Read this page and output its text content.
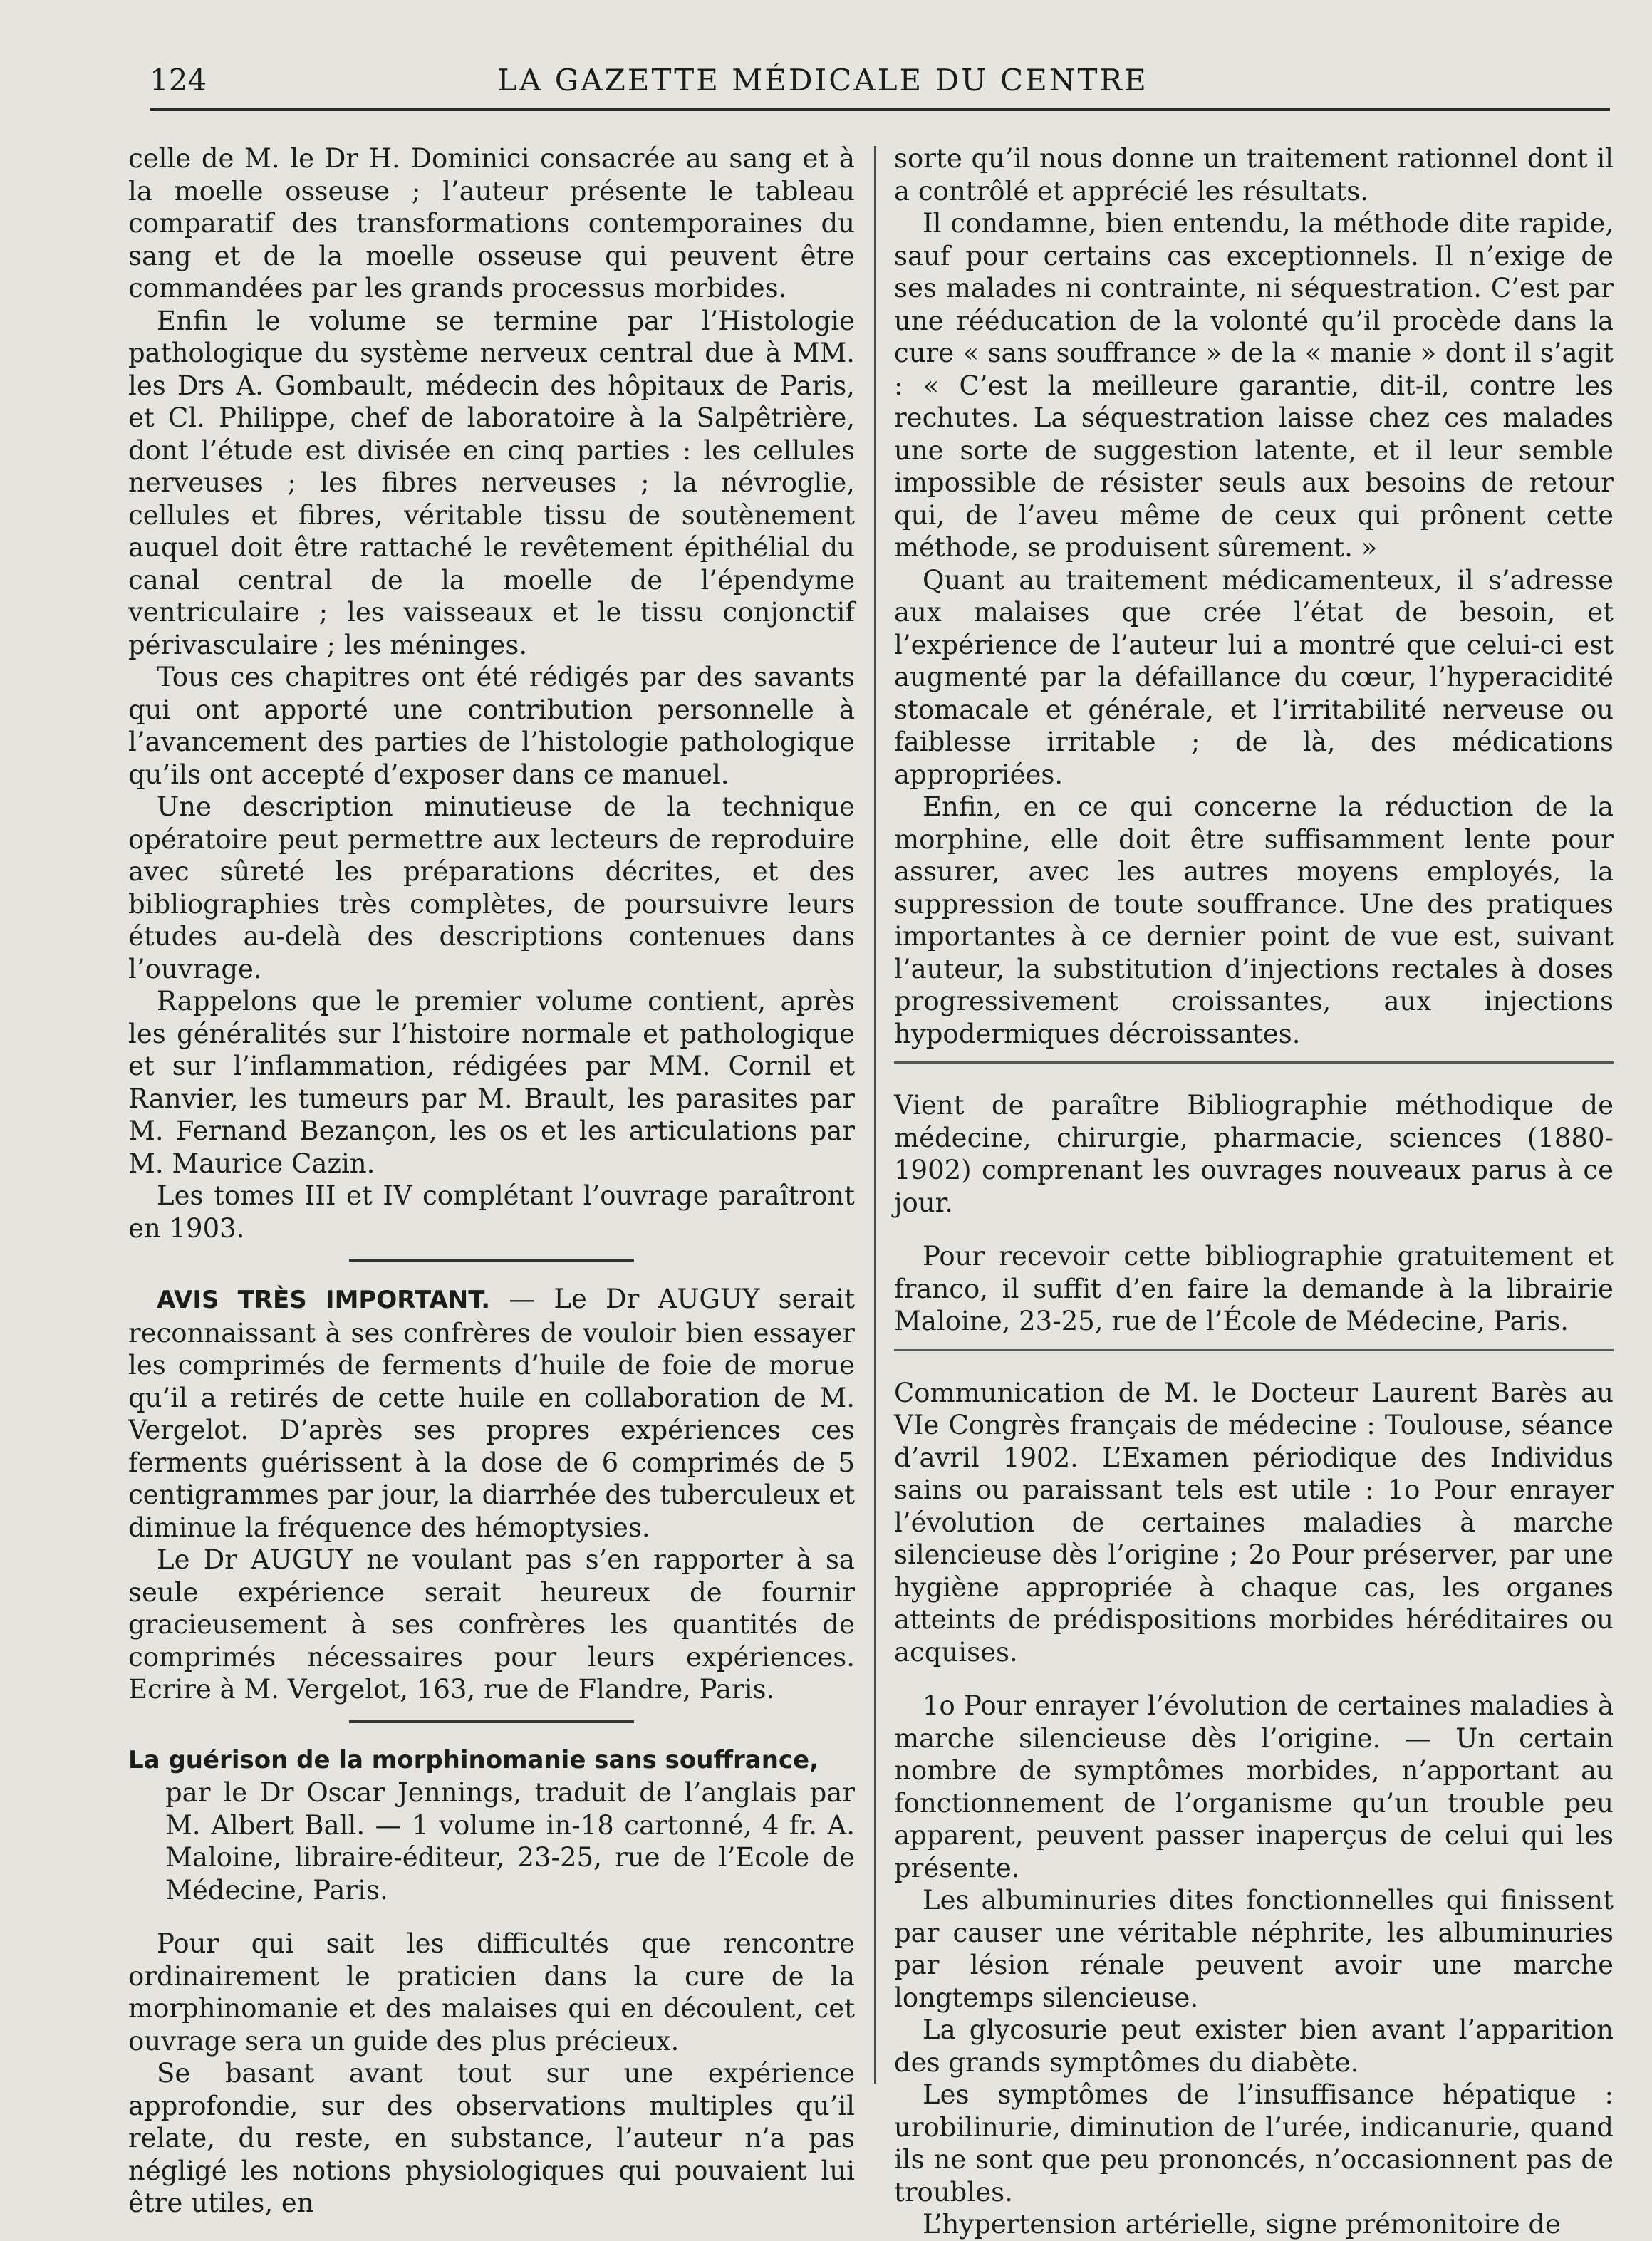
124	LA GAZETTE MÉDICALE DU CENTRE

celle de M. le Dr H. Dominici consacrée au sang et à la moelle osseuse ; l’auteur présente le tableau comparatif des transformations contemporaines du sang et de la moelle osseuse qui peuvent être commandées par les grands processus morbides.

Enfin le volume se termine par l’Histologie pathologique du système nerveux central due à MM. les Drs A. Gombault, médecin des hôpitaux de Paris, et Cl. Philippe, chef de laboratoire à la Salpêtrière, dont l’étude est divisée en cinq parties : les cellules nerveuses ; les fibres nerveuses ; la névroglie, cellules et fibres, véritable tissu de soutènement auquel doit être rattaché le revêtement épithélial du canal central de la moelle de l’épendyme ventriculaire ; les vaisseaux et le tissu conjonctif périvasculaire ; les méninges.

Tous ces chapitres ont été rédigés par des savants qui ont apporté une contribution personnelle à l’avancement des parties de l’histologie pathologique qu’ils ont accepté d’exposer dans ce manuel.

Une description minutieuse de la technique opératoire peut permettre aux lecteurs de reproduire avec sûreté les préparations décrites, et des bibliographies très complètes, de poursuivre leurs études au-delà des descriptions contenues dans l’ouvrage.

Rappelons que le premier volume contient, après les généralités sur l’histoire normale et pathologique et sur l’inflammation, rédigées par MM. Cornil et Ranvier, les tumeurs par M. Brault, les parasites par M. Fernand Bezançon, les os et les articulations par M. Maurice Cazin.

Les tomes III et IV complétant l’ouvrage paraîtront en 1903.

AVIS TRÈS IMPORTANT. — Le Dr AUGUY serait reconnaissant à ses confrères de vouloir bien essayer les comprimés de ferments d’huile de foie de morue qu’il a retirés de cette huile en collaboration de M. Vergelot. D’après ses propres expériences ces ferments guérissent à la dose de 6 comprimés de 5 centigrammes par jour, la diarrhée des tuberculeux et diminue la fréquence des hémoptysies.

Le Dr AUGUY ne voulant pas s’en rapporter à sa seule expérience serait heureux de fournir gracieusement à ses confrères les quantités de comprimés nécessaires pour leurs expériences. Ecrire à M. Vergelot, 163, rue de Flandre, Paris.

La guérison de la morphinomanie sans souffrance,

par le Dr Oscar Jennings, traduit de l’anglais par M. Albert Ball. — 1 volume in-18 cartonné, 4 fr. A. Maloine, libraire-éditeur, 23-25, rue de l’Ecole de Médecine, Paris.

Pour qui sait les difficultés que rencontre ordinairement le praticien dans la cure de la morphinomanie et des malaises qui en découlent, cet ouvrage sera un guide des plus précieux.

Se basant avant tout sur une expérience approfondie, sur des observations multiples qu’il relate, du reste, en substance, l’auteur n’a pas négligé les notions physiologiques qui pouvaient lui être utiles, en

sorte qu’il nous donne un traitement rationnel dont il a contrôlé et apprécié les résultats.

Il condamne, bien entendu, la méthode dite rapide, sauf pour certains cas exceptionnels. Il n’exige de ses malades ni contrainte, ni séquestration. C’est par une rééducation de la volonté qu’il procède dans la cure « sans souffrance » de la « manie » dont il s’agit : « C’est la meilleure garantie, dit-il, contre les rechutes. La séquestration laisse chez ces malades une sorte de suggestion latente, et il leur semble impossible de résister seuls aux besoins de retour qui, de l’aveu même de ceux qui prônent cette méthode, se produisent sûrement. »

Quant au traitement médicamenteux, il s’adresse aux malaises que crée l’état de besoin, et l’expérience de l’auteur lui a montré que celui-ci est augmenté par la défaillance du cœur, l’hyperacidité stomacale et générale, et l’irritabilité nerveuse ou faiblesse irritable ; de là, des médications appropriées.

Enfin, en ce qui concerne la réduction de la morphine, elle doit être suffisamment lente pour assurer, avec les autres moyens employés, la suppression de toute souffrance. Une des pratiques importantes à ce dernier point de vue est, suivant l’auteur, la substitution d’injections rectales à doses progressivement croissantes, aux injections hypodermiques décroissantes.

Vient de paraître Bibliographie méthodique de médecine, chirurgie, pharmacie, sciences (1880-1902) comprenant les ouvrages nouveaux parus à ce jour.

Pour recevoir cette bibliographie gratuitement et franco, il suffit d’en faire la demande à la librairie Maloine, 23-25, rue de l’École de Médecine, Paris.

Communication de M. le Docteur Laurent Barès au VIe Congrès français de médecine : Toulouse, séance d’avril 1902. L’Examen périodique des Individus sains ou paraissant tels est utile : 1o Pour enrayer l’évolution de certaines maladies à marche silencieuse dès l’origine ; 2o Pour préserver, par une hygiène appropriée à chaque cas, les organes atteints de prédispositions morbides héréditaires ou acquises.

1o Pour enrayer l’évolution de certaines maladies à marche silencieuse dès l’origine. — Un certain nombre de symptômes morbides, n’apportant au fonctionnement de l’organisme qu’un trouble peu apparent, peuvent passer inaperçus de celui qui les présente.

Les albuminuries dites fonctionnelles qui finissent par causer une véritable néphrite, les albuminuries par lésion rénale peuvent avoir une marche longtemps silencieuse.

La glycosurie peut exister bien avant l’apparition des grands symptômes du diabète.

Les symptômes de l’insuffisance hépatique : urobilinurie, diminution de l’urée, indicanurie, quand ils ne sont que peu prononcés, n’occasionnent pas de troubles.

L’hypertension artérielle, signe prémonitoire de
